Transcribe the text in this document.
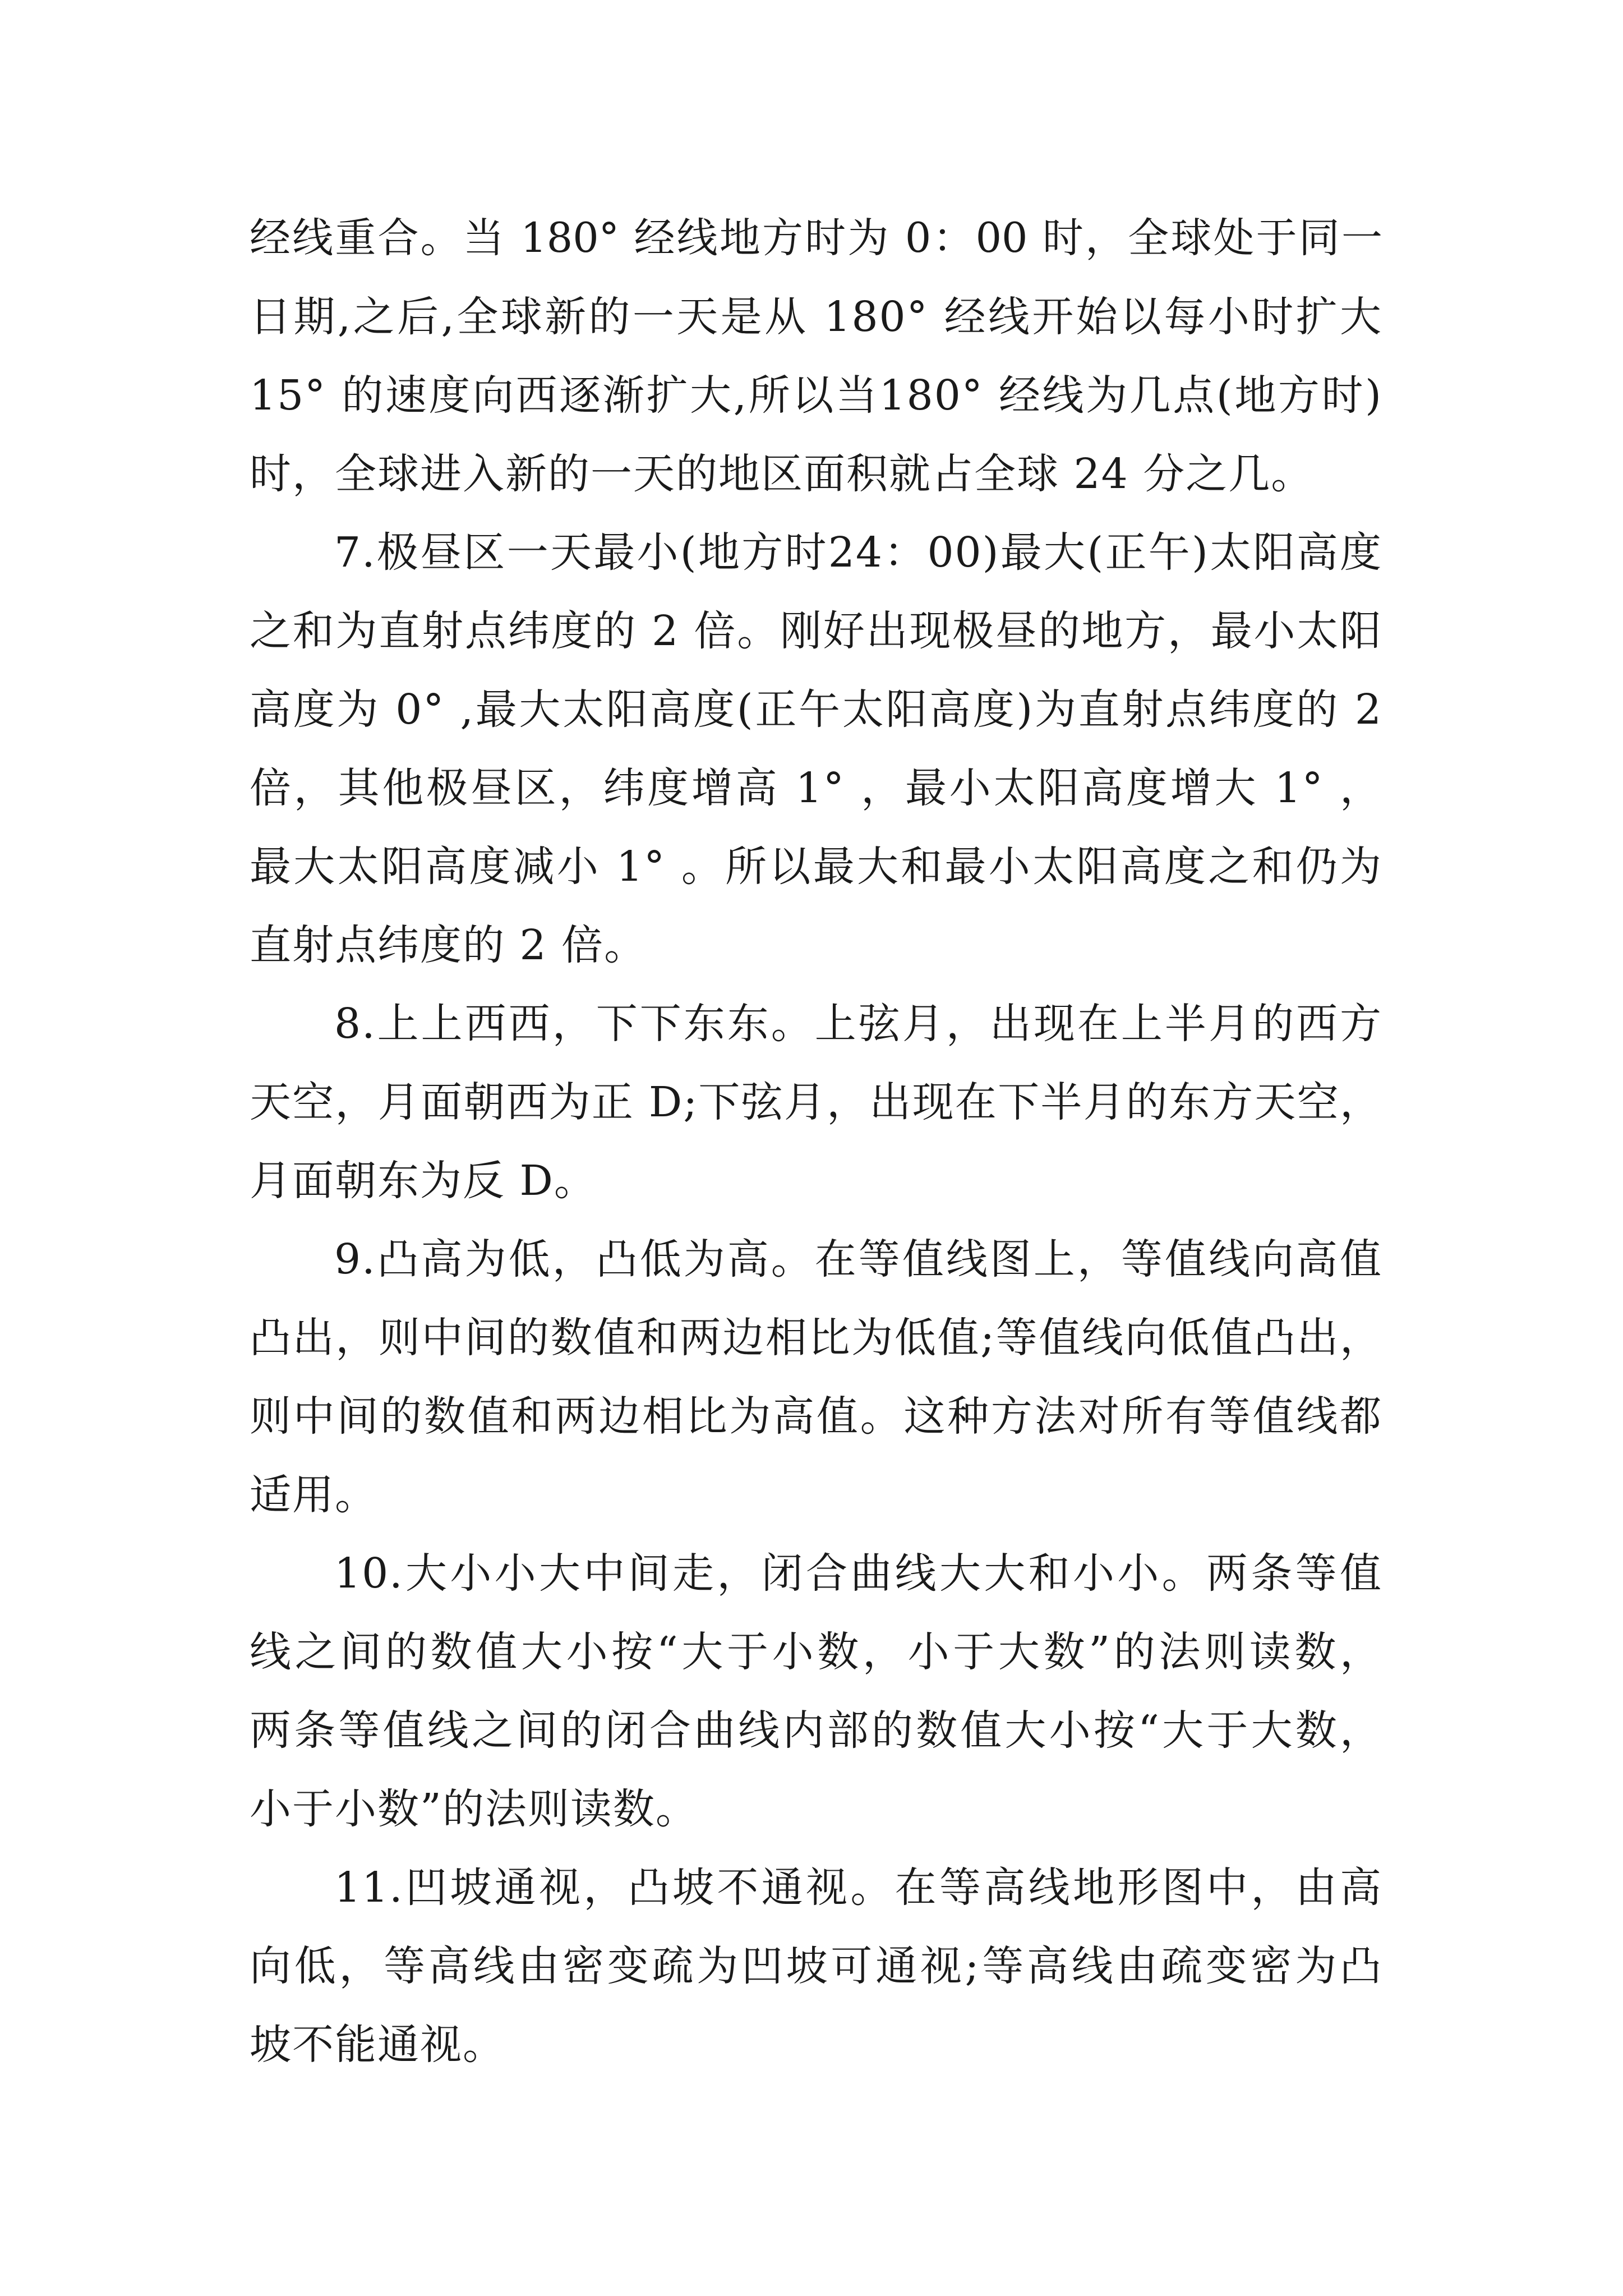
经线重合。当 180° 经线地方时为 0：00 时，全球处于同一
日期,之后,全球新的一天是从 180° 经线开始以每小时扩大
15° 的速度向西逐渐扩大,所以当180° 经线为几点(地方时)
时，全球进入新的一天的地区面积就占全球 24 分之几。
7.极昼区一天最小(地方时24：00)最大(正午)太阳高度
之和为直射点纬度的 2 倍。刚好出现极昼的地方，最小太阳
高度为 0° ,最大太阳高度(正午太阳高度)为直射点纬度的 2
倍，其他极昼区，纬度增高 1° ，最小太阳高度增大 1° ，
最大太阳高度减小 1° 。所以最大和最小太阳高度之和仍为
直射点纬度的 2 倍。
8.上上西西，下下东东。上弦月，出现在上半月的西方
天空，月面朝西为正 D;下弦月，出现在下半月的东方天空，
月面朝东为反 D。
9.凸高为低，凸低为高。在等值线图上，等值线向高值
凸出，则中间的数值和两边相比为低值;等值线向低值凸出，
则中间的数值和两边相比为高值。这种方法对所有等值线都
适用。
10.大小小大中间走，闭合曲线大大和小小。两条等值
线之间的数值大小按“大于小数，小于大数”的法则读数，
两条等值线之间的闭合曲线内部的数值大小按“大于大数，
小于小数”的法则读数。
11.凹坡通视，凸坡不通视。在等高线地形图中，由高
向低，等高线由密变疏为凹坡可通视;等高线由疏变密为凸
坡不能通视。
